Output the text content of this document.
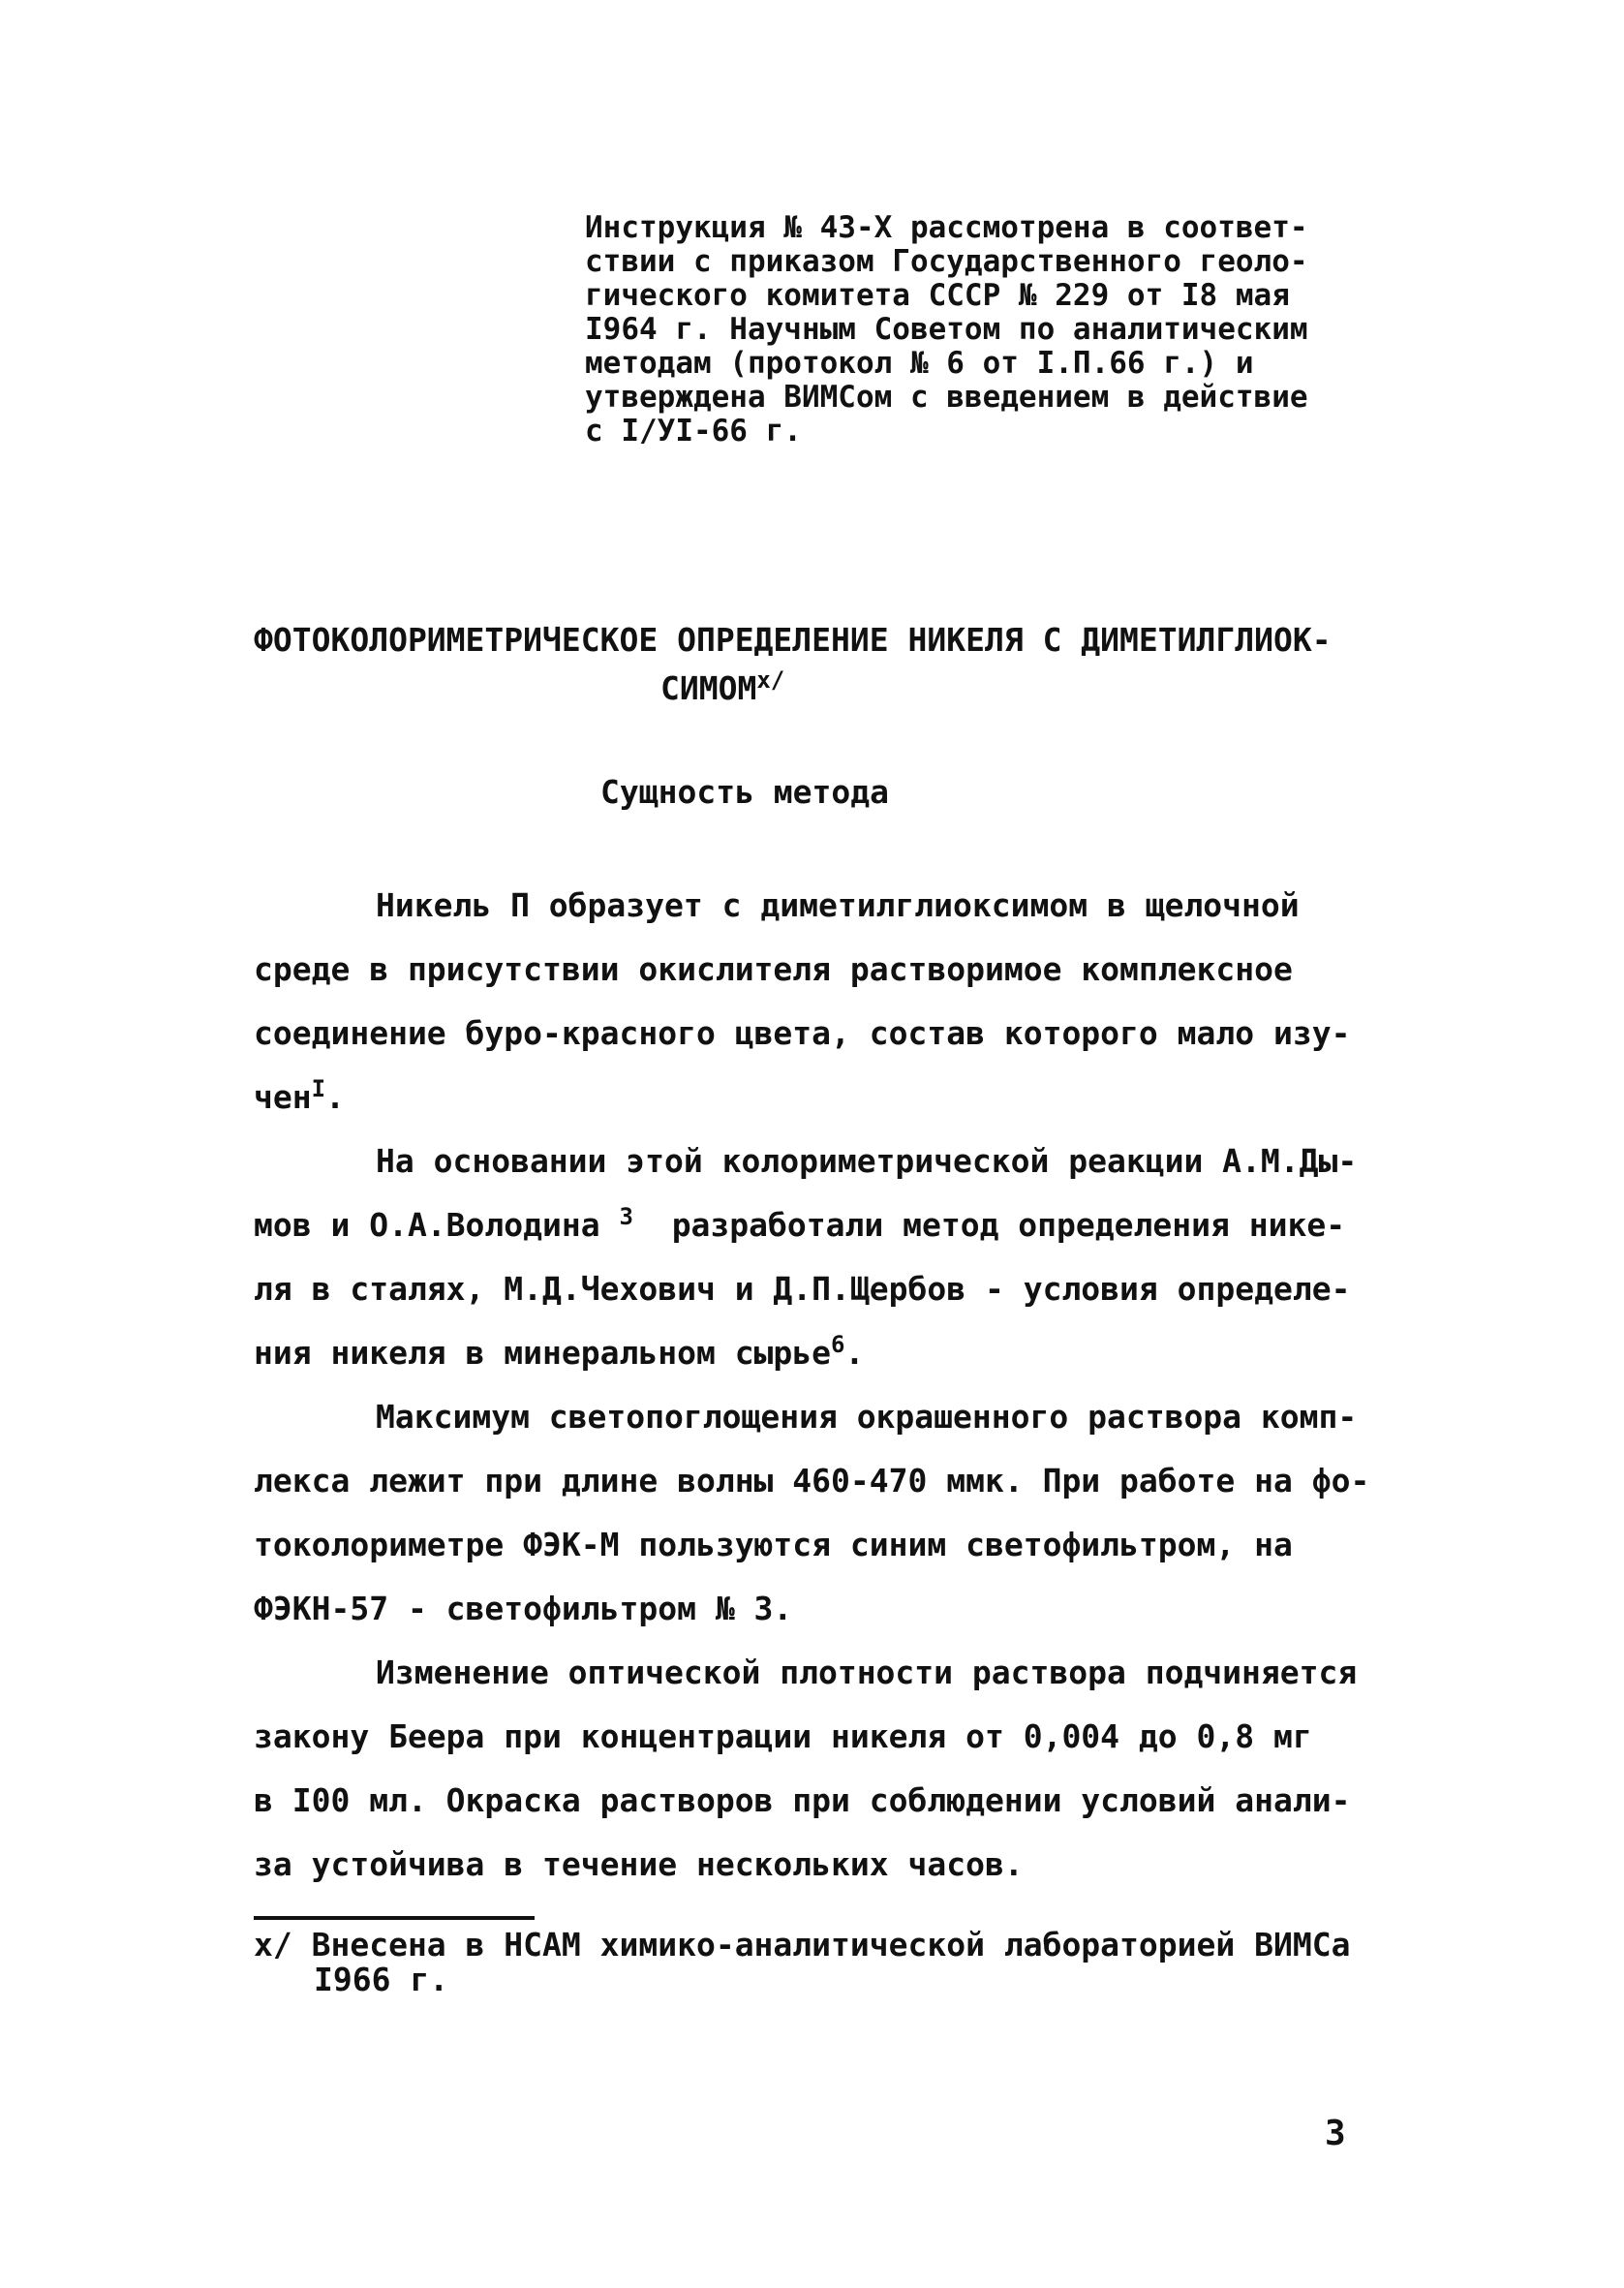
Инструкция № 43-Х рассмотрена в соответ-
ствии с приказом Государственного геоло-
гического комитета СССР № 229 от I8 мая
I964 г. Научным Советом по аналитическим
методам (протокол № 6 от I.П.66 г.) и
утверждена ВИМСом с введением в действие
с I/УI-66 г.
ФОТОКОЛОРИМЕТРИЧЕСКОЕ ОПРЕДЕЛЕНИЕ НИКЕЛЯ С ДИМЕТИЛГЛИОК-
$СИМОМ^{х/}$
Сущность метода

Никель П образует с диметилглиоксимом в щелочной
среде в присутствии окислителя растворимое комплексное
соединение буро-красного цвета, состав которого мало изу-
чен$^I$.

На основании этой колориметрической реакции А.М.Ды-
мов и О.А.Володина $^3$  разработали метод определения нике-
ля в сталях, М.Д.Чехович и Д.П.Щербов - условия определе-
ния никеля в минеральном сырье$^6$.

Максимум светопоглощения окрашенного раствора комп-
лекса лежит при длине волны 460-470 ммк. При работе на фо-
токолориметре ФЭК-М пользуются синим светофильтром, на
ФЭКН-57 - светофильтром № 3.

Изменение оптической плотности раствора подчиняется
закону Беера при концентрации никеля от 0,004 до 0,8 мг
в I00 мл. Окраска растворов при соблюдении условий анали-
за устойчива в течение нескольких часов.

х/ Внесена в НСАМ химико-аналитической лабораторией ВИМСа
I966 г.
3
